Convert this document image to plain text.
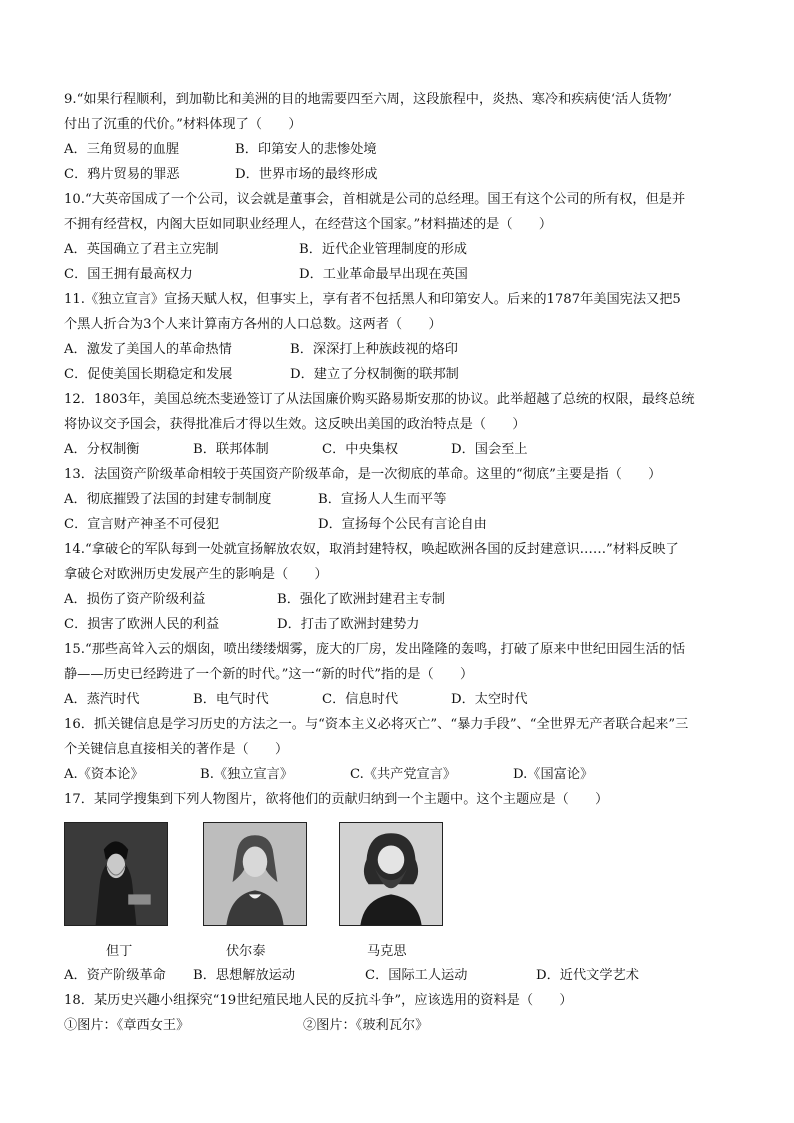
9.“如果行程顺利，到加勒比和美洲的目的地需要四至六周，这段旅程中，炎热、寒冷和疾病使‘活人货物’
付出了沉重的代价。”材料体现了（　　）
A．三角贸易的血腥	B．印第安人的悲惨处境
C．鸦片贸易的罪恶	D．世界市场的最终形成
10.“大英帝国成了一个公司，议会就是董事会，首相就是公司的总经理。国王有这个公司的所有权，但是并
不拥有经营权，内阁大臣如同职业经理人，在经营这个国家。”材料描述的是（　　）
A．英国确立了君主立宪制	B．近代企业管理制度的形成
C．国王拥有最高权力	D．工业革命最早出现在英国
11.《独立宣言》宣扬天赋人权，但事实上，享有者不包括黑人和印第安人。后来的1787年美国宪法又把5
个黑人折合为3个人来计算南方各州的人口总数。这两者（　　）
A．激发了美国人的革命热情	B．深深打上种族歧视的烙印
C．促使美国长期稳定和发展	D．建立了分权制衡的联邦制
12．1803年，美国总统杰斐逊签订了从法国廉价购买路易斯安那的协议。此举超越了总统的权限，最终总统
将协议交予国会，获得批准后才得以生效。这反映出美国的政治特点是（　　）
A．分权制衡	B．联邦体制	C．中央集权	D．国会至上
13．法国资产阶级革命相较于英国资产阶级革命，是一次彻底的革命。这里的“彻底”主要是指（　　）
A．彻底摧毁了法国的封建专制制度	B．宣扬人人生而平等
C．宣言财产神圣不可侵犯	D．宣扬每个公民有言论自由
14.“拿破仑的军队每到一处就宣扬解放农奴，取消封建特权，唤起欧洲各国的反封建意识……”材料反映了
拿破仑对欧洲历史发展产生的影响是（　　）
A．损伤了资产阶级利益	B．强化了欧洲封建君主专制
C．损害了欧洲人民的利益	D．打击了欧洲封建势力
15.“那些高耸入云的烟囱，喷出缕缕烟雾，庞大的厂房，发出隆隆的轰鸣，打破了原来中世纪田园生活的恬
静——历史已经跨进了一个新的时代。”这一“新的时代”指的是（　　）
A．蒸汽时代	B．电气时代	C．信息时代	D．太空时代
16．抓关键信息是学习历史的方法之一。与“资本主义必将灭亡”、“暴力手段”、“全世界无产者联合起来”三
个关键信息直接相关的著作是（　　）
A.《资本论》	B.《独立宣言》	C.《共产党宣言》	D.《国富论》
17．某同学搜集到下列人物图片，欲将他们的贡献归纳到一个主题中。这个主题应是（　　）
但丁	伏尔泰	马克思
A．资产阶级革命 B．思想解放运动	C．国际工人运动	D．近代文学艺术
18．某历史兴趣小组探究“19世纪殖民地人民的反抗斗争”，应该选用的资料是（　　）
①图片：《章西女王》	②图片：《玻利瓦尔》
